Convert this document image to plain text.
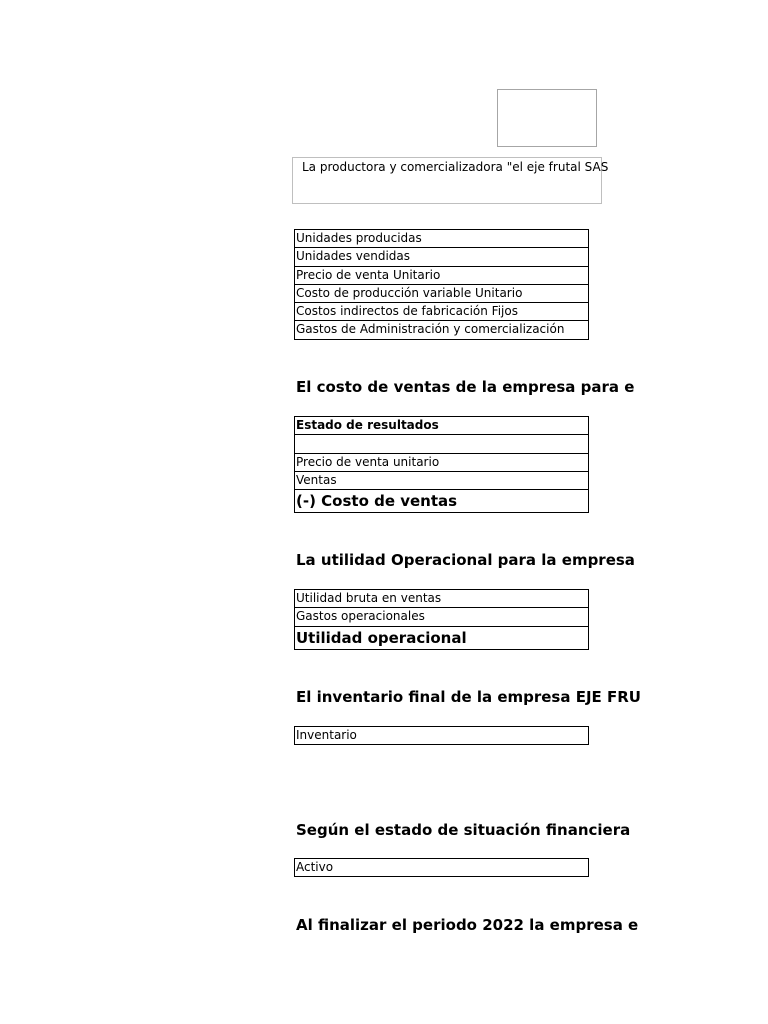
La productora y comercializadora "el eje frutal SAS
Unidades producidas
Unidades vendidas
Precio de venta Unitario
Costo de producción variable Unitario
Costos indirectos de fabricación Fijos
Gastos de Administración y comercialización
El costo de ventas de la empresa para e
Estado de resultados
Precio de venta unitario
Ventas
(-) Costo de ventas
La utilidad Operacional para la empresa
Utilidad bruta en ventas
Gastos operacionales
Utilidad operacional
El inventario final de la empresa EJE FRU
Inventario
Según el estado de situación financiera
Activo
Al finalizar el periodo 2022 la empresa e
